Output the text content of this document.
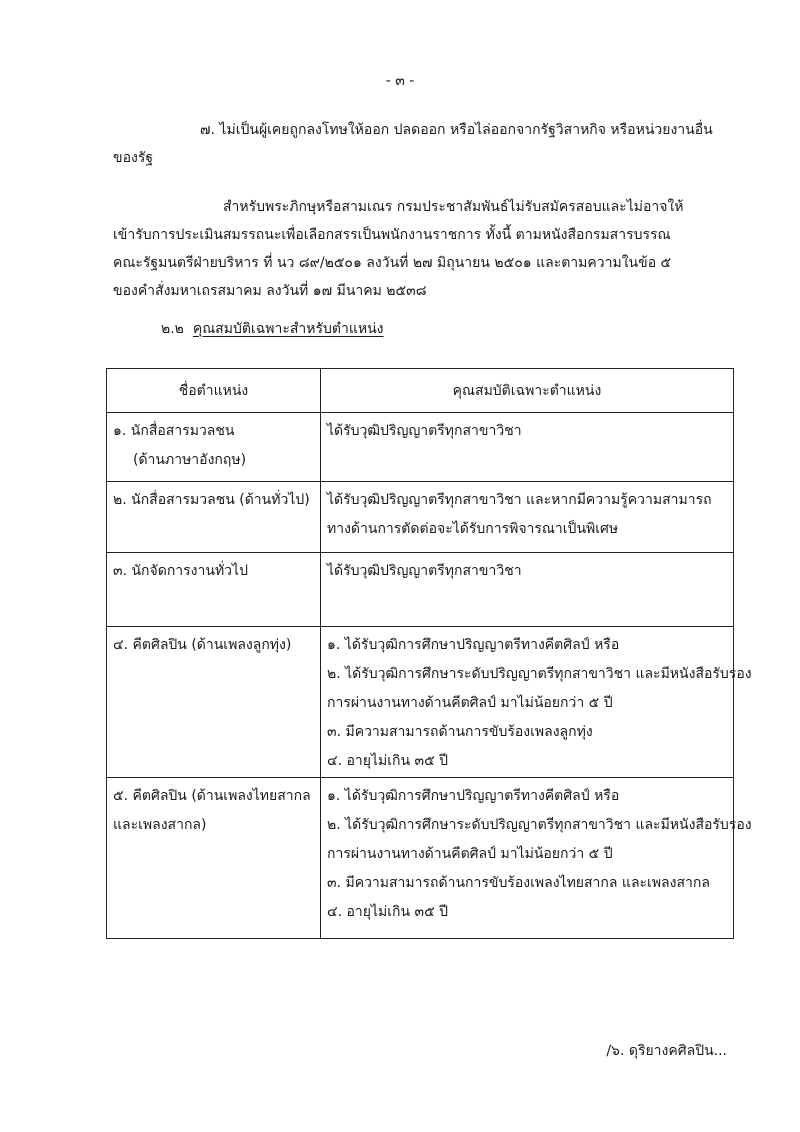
- ๓ -
๗. ไม่เป็นผู้เคยถูกลงโทษให้ออก ปลดออก หรือไล่ออกจากรัฐวิสาหกิจ หรือหน่วยงานอื่น
ของรัฐ
สำหรับพระภิกษุหรือสามเณร กรมประชาสัมพันธ์ไม่รับสมัครสอบและไม่อาจให้
เข้ารับการประเมินสมรรถนะเพื่อเลือกสรรเป็นพนักงานราชการ ทั้งนี้ ตามหนังสือกรมสารบรรณ
คณะรัฐมนตรีฝ่ายบริหาร ที่ นว ๘๙/๒๕๐๑ ลงวันที่ ๒๗ มิถุนายน ๒๕๐๑ และตามความในข้อ ๕
ของคำสั่งมหาเถรสมาคม ลงวันที่ ๑๗ มีนาคม ๒๕๓๘
๒.๒ คุณสมบัติเฉพาะสำหรับตำแหน่ง
ชื่อตำแหน่ง	คุณสมบัติเฉพาะตำแหน่ง

๑. นักสื่อสารมวลชน
(ด้านภาษาอังกฤษ)	ได้รับวุฒิปริญญาตรีทุกสาขาวิชา

๒. นักสื่อสารมวลชน (ด้านทั่วไป)	ได้รับวุฒิปริญญาตรีทุกสาขาวิชา และหากมีความรู้ความสามารถ
ทางด้านการตัดต่อจะได้รับการพิจารณาเป็นพิเศษ

๓. นักจัดการงานทั่วไป	ได้รับวุฒิปริญญาตรีทุกสาขาวิชา

๔. คีตศิลปิน (ด้านเพลงลูกทุ่ง)	๑. ได้รับวุฒิการศึกษาปริญญาตรีทางคีตศิลป์ หรือ
๒. ได้รับวุฒิการศึกษาระดับปริญญาตรีทุกสาขาวิชา และมีหนังสือรับรอง
การผ่านงานทางด้านคีตศิลป์ มาไม่น้อยกว่า ๕ ปี
๓. มีความสามารถด้านการขับร้องเพลงลูกทุ่ง
๔. อายุไม่เกิน ๓๕ ปี

๕. คีตศิลปิน (ด้านเพลงไทยสากล
และเพลงสากล)	๑. ได้รับวุฒิการศึกษาปริญญาตรีทางคีตศิลป์ หรือ
๒. ได้รับวุฒิการศึกษาระดับปริญญาตรีทุกสาขาวิชา และมีหนังสือรับรอง
การผ่านงานทางด้านคีตศิลป์ มาไม่น้อยกว่า ๕ ปี
๓. มีความสามารถด้านการขับร้องเพลงไทยสากล และเพลงสากล
๔. อายุไม่เกิน ๓๕ ปี
/๖. ดุริยางคศิลปิน...
